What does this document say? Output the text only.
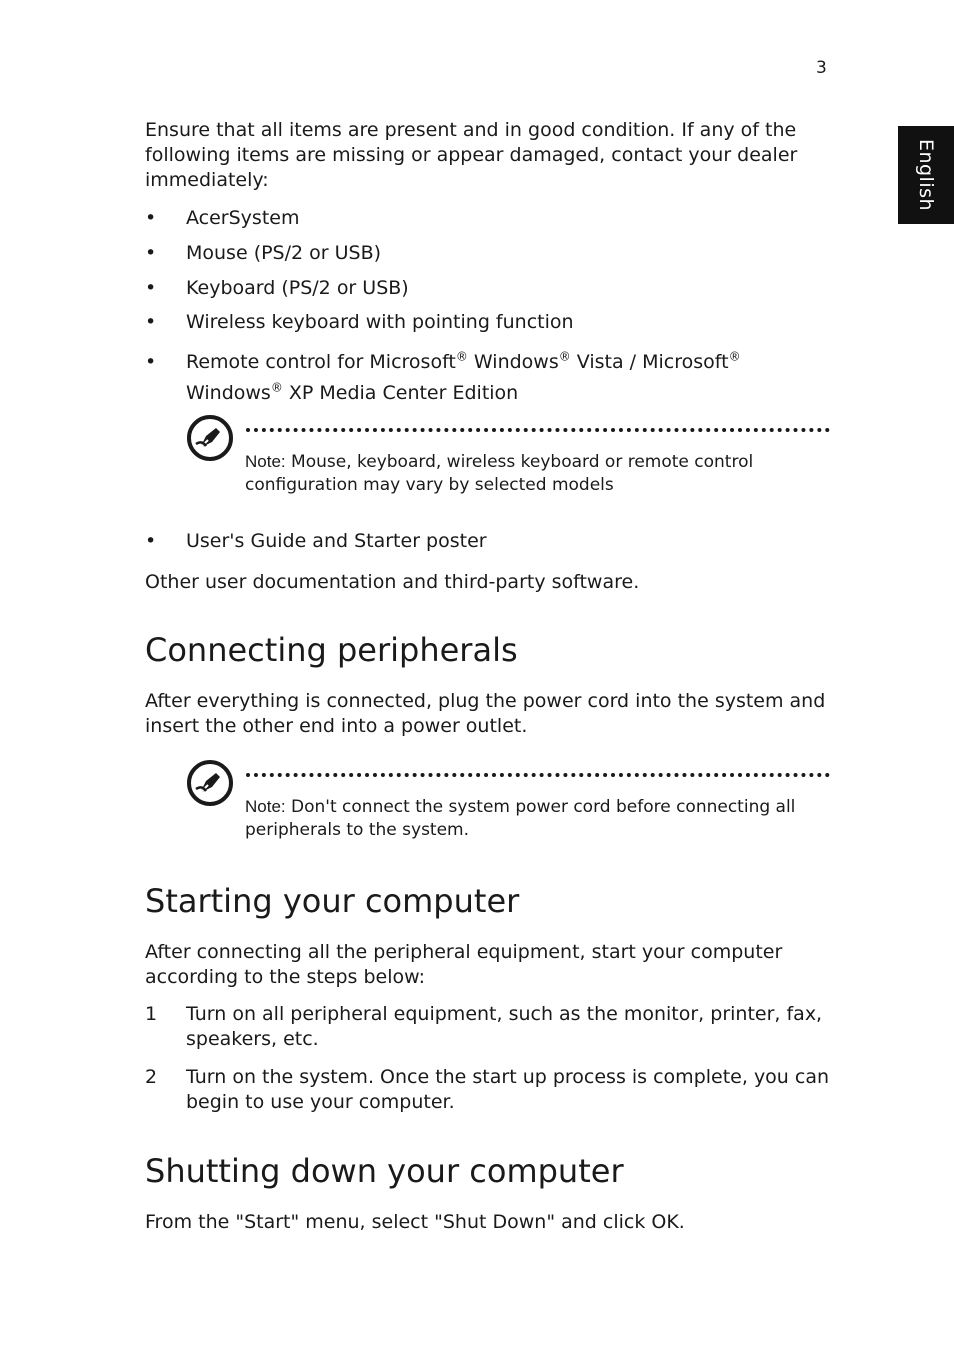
3
English

Ensure that all items are present and in good condition. If any of the following items are missing or appear damaged, contact your dealer immediately:

•	AcerSystem
•	Mouse (PS/2 or USB)
•	Keyboard (PS/2 or USB)
•	Wireless keyboard with pointing function
•	Remote control for Microsoft® Windows® Vista / Microsoft®
Windows® XP Media Center Edition
Note: Mouse, keyboard, wireless keyboard or remote control configuration may vary by selected models
•	User's Guide and Starter poster

Other user documentation and third-party software.

Connecting peripherals

After everything is connected, plug the power cord into the system and insert the other end into a power outlet.

Note: Don't connect the system power cord before connecting all peripherals to the system.
Starting your computer

After connecting all the peripheral equipment, start your computer according to the steps below:

1 Turn on all peripheral equipment, such as the monitor, printer, fax, speakers, etc.
2 Turn on the system. Once the start up process is complete, you can begin to use your computer.
Shutting down your computer

From the "Start" menu, select "Shut Down" and click OK.
